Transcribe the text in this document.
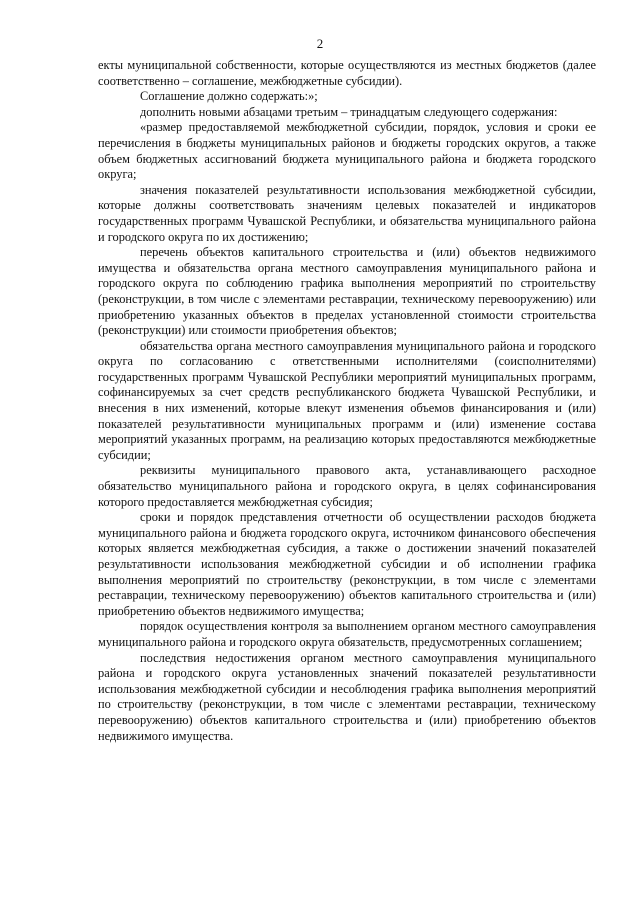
2

екты муниципальной собственности, которые осуществляются из местных бюджетов (далее соответственно – соглашение, межбюджетные субсидии).

Соглашение должно содержать:»;

дополнить новыми абзацами третьим – тринадцатым следующего содержания:

«размер предоставляемой межбюджетной субсидии, порядок, условия и сроки ее перечисления в бюджеты муниципальных районов и бюджеты городских округов, а также объем бюджетных ассигнований бюджета муниципального района и бюджета городского округа;

значения показателей результативности использования межбюджетной субсидии, которые должны соответствовать значениям целевых показателей и индикаторов государственных программ Чувашской Республики, и обязательства муниципального района и городского округа по их достижению;

перечень объектов капитального строительства и (или) объектов недвижимого имущества и обязательства органа местного самоуправления муниципального района и городского округа по соблюдению графика выполнения мероприятий по строительству (реконструкции, в том числе с элементами реставрации, техническому перевооружению) или приобретению указанных объектов в пределах установленной стоимости строительства (реконструкции) или стоимости приобретения объектов;

обязательства органа местного самоуправления муниципального района и городского округа по согласованию с ответственными исполнителями (соисполнителями) государственных программ Чувашской Республики мероприятий муниципальных программ, софинансируемых за счет средств республиканского бюджета Чувашской Республики, и внесения в них изменений, которые влекут изменения объемов финансирования и (или) показателей результативности муниципальных программ и (или) изменение состава мероприятий указанных программ, на реализацию которых предоставляются межбюджетные субсидии;

реквизиты муниципального правового акта, устанавливающего расходное обязательство муниципального района и городского округа, в целях софинансирования которого предоставляется межбюджетная субсидия;

сроки и порядок представления отчетности об осуществлении расходов бюджета муниципального района и бюджета городского округа, источником финансового обеспечения которых является межбюджетная субсидия, а также о достижении значений показателей результативности использования межбюджетной субсидии и об исполнении графика выполнения мероприятий по строительству (реконструкции, в том числе с элементами реставрации, техническому перевооружению) объектов капитального строительства и (или) приобретению объектов недвижимого имущества;

порядок осуществления контроля за выполнением органом местного самоуправления муниципального района и городского округа обязательств, предусмотренных соглашением;

последствия недостижения органом местного самоуправления муниципального района и городского округа установленных значений показателей результативности использования межбюджетной субсидии и несоблюдения графика выполнения мероприятий по строительству (реконструкции, в том числе с элементами реставрации, техническому перевооружению) объектов капитального строительства и (или) приобретению объектов недвижимого имущества.
